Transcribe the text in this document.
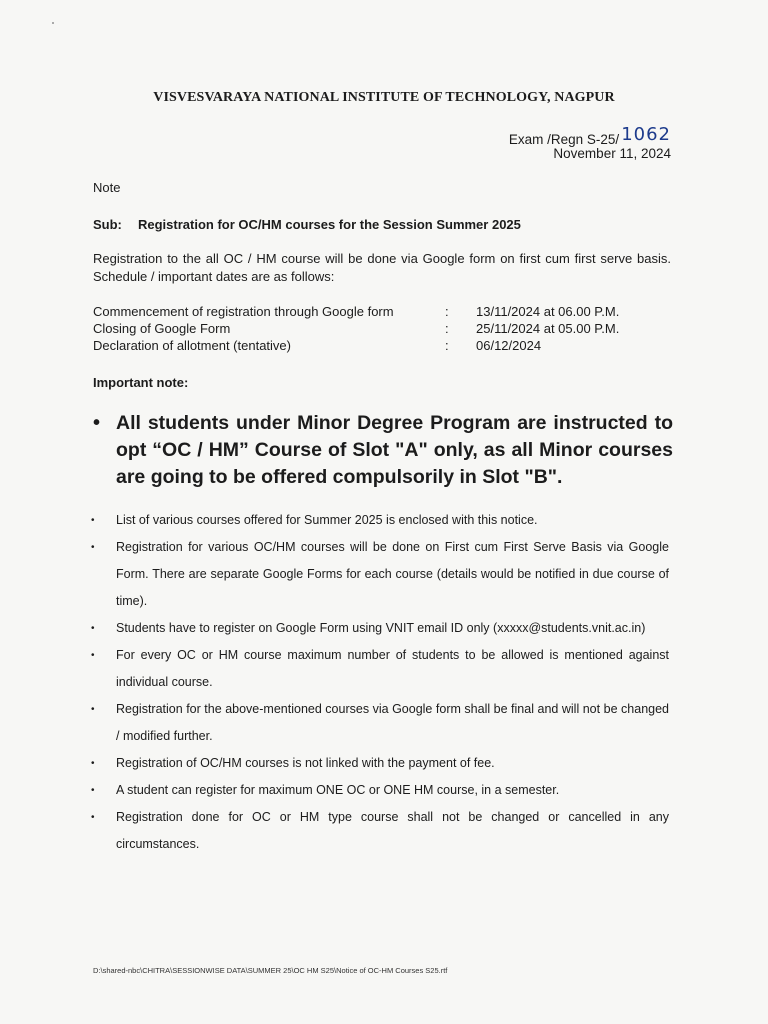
VISVESVARAYA NATIONAL INSTITUTE OF TECHNOLOGY, NAGPUR
Exam /Regn S-25/ 1062
November 11, 2024
Note
Sub: Registration for OC/HM courses for the Session Summer 2025
Registration to the all OC / HM course will be done via Google form on first cum first serve basis. Schedule / important dates are as follows:
Commencement of registration through Google form	: 13/11/2024 at 06.00 P.M.
Closing of Google Form	: 25/11/2024 at 05.00 P.M.
Declaration of allotment (tentative)	: 06/12/2024
Important note:
• All students under Minor Degree Program are instructed to opt “OC / HM” Course of Slot "A" only, as all Minor courses are going to be offered compulsorily in Slot "B".
• List of various courses offered for Summer 2025 is enclosed with this notice.
• Registration for various OC/HM courses will be done on First cum First Serve Basis via Google Form. There are separate Google Forms for each course (details would be notified in due course of time).
• Students have to register on Google Form using VNIT email ID only (xxxxx@students.vnit.ac.in)
• For every OC or HM course maximum number of students to be allowed is mentioned against individual course.
• Registration for the above-mentioned courses via Google form shall be final and will not be changed / modified further.
• Registration of OC/HM courses is not linked with the payment of fee.
• A student can register for maximum ONE OC or ONE HM course, in a semester.
• Registration done for OC or HM type course shall not be changed or cancelled in any circumstances.
D:\shared-nbc\CHITRA\SESSIONWISE DATA\SUMMER 25\OC HM S25\Notice of OC-HM Courses S25.rtf
